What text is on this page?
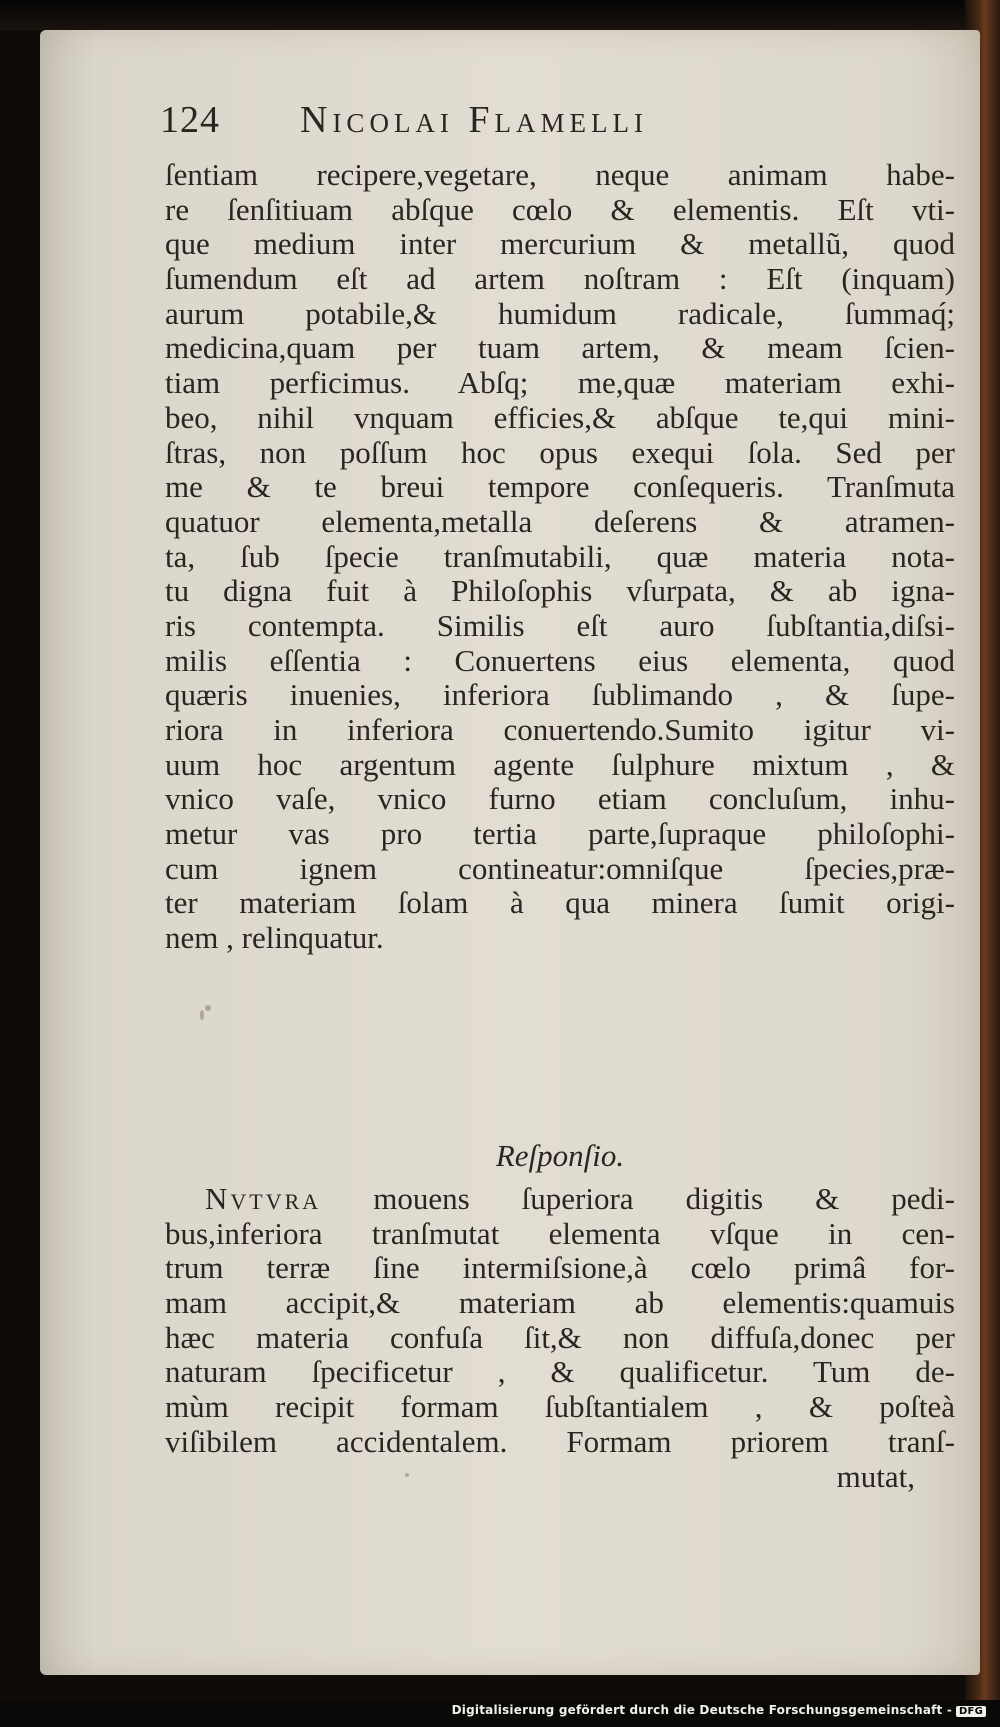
124 Nicolai Flamelli
ſentiam recipere,vegetare, neque animam habe-
re ſenſitiuam abſque cœlo & elementis. Eſt vti-
que medium inter mercurium & metallũ, quod
ſumendum eſt ad artem noſtram : Eſt (inquam)
aurum potabile,& humidum radicale, ſummaq́;
medicina,quam per tuam artem, & meam ſcien-
tiam perficimus. Abſq; me,quæ materiam exhi-
beo, nihil vnquam efficies,& abſque te,qui mini-
ſtras, non poſſum hoc opus exequi ſola. Sed per
me & te breui tempore conſequeris. Tranſmuta
quatuor elementa,metalla deſerens & atramen-
ta, ſub ſpecie tranſmutabili, quæ materia nota-
tu digna fuit à Philoſophis vſurpata, & ab igna-
ris contempta. Similis eſt auro ſubſtantia,diſsi-
milis eſſentia : Conuertens eius elementa, quod
quæris inuenies, inferiora ſublimando , & ſupe-
riora in inferiora conuertendo.Sumito igitur vi-
uum hoc argentum agente ſulphure mixtum , &
vnico vaſe, vnico furno etiam concluſum, inhu-
metur vas pro tertia parte,ſupraque philoſophi-
cum ignem contineatur:omniſque ſpecies,præ-
ter materiam ſolam à qua minera ſumit origi-
nem , relinquatur.
Reſponſio.
Nvtvra mouens ſuperiora digitis & pedi-
bus,inferiora tranſmutat elementa vſque in cen-
trum terræ ſine intermiſsione,à cœlo primâ for-
mam accipit,& materiam ab elementis:quamuis
hæc materia confuſa ſit,& non diffuſa,donec per
naturam ſpecificetur , & qualificetur. Tum de-
mùm recipit formam ſubſtantialem , & poſteà
viſibilem accidentalem. Formam priorem tranſ-
mutat,
Digitalisierung gefördert durch die Deutsche Forschungsgemeinschaft - DFG
